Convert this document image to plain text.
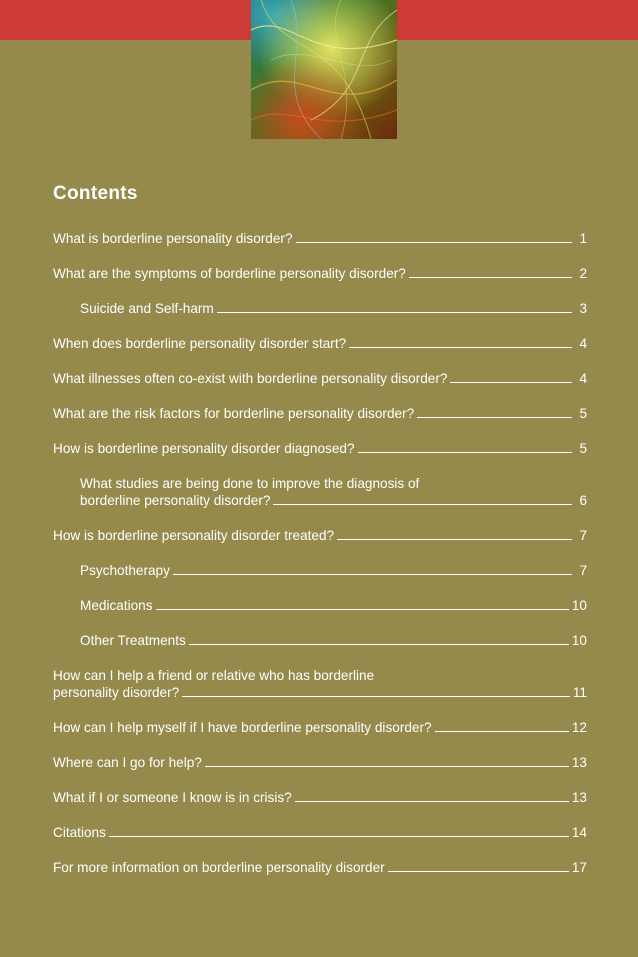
Contents
What is borderline personality disorder?	1
What are the symptoms of borderline personality disorder?	2
Suicide and Self-harm	3
When does borderline personality disorder start?	4
What illnesses often co-exist with borderline personality disorder?	4
What are the risk factors for borderline personality disorder?	5
How is borderline personality disorder diagnosed?	5
What studies are being done to improve the diagnosis of
borderline personality disorder?	6
How is borderline personality disorder treated?	7
Psychotherapy	7
Medications	10
Other Treatments	10
How can I help a friend or relative who has borderline
personality disorder?	11
How can I help myself if I have borderline personality disorder?	12
Where can I go for help?	13
What if I or someone I know is in crisis?	13
Citations	14
For more information on borderline personality disorder	17
